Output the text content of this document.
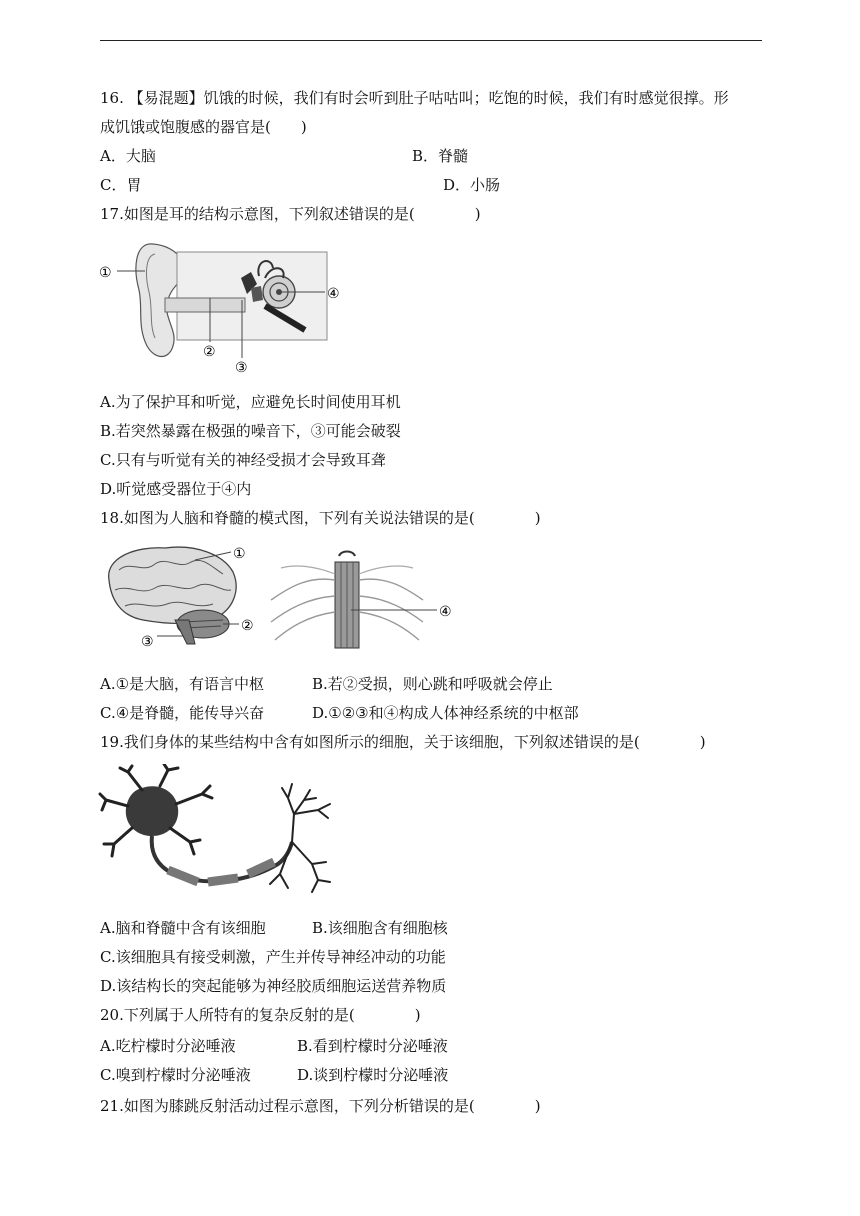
16. 【易混题】饥饿的时候，我们有时会听到肚子咕咕叫；吃饱的时候，我们有时感觉很撑。形
成饥饿或饱腹感的器官是(　　)
A．大脑	B．脊髓
C．胃	D．小肠
17.如图是耳的结构示意图，下列叙述错误的是(　　　　)
①
②
③
④
A.为了保护耳和听觉，应避免长时间使用耳机
B.若突然暴露在极强的噪音下，③可能会破裂
C.只有与听觉有关的神经受损才会导致耳聋
D.听觉感受器位于④内
18.如图为人脑和脊髓的模式图，下列有关说法错误的是(　　　　)
①
②
③
④
A.①是大脑，有语言中枢	B.若②受损，则心跳和呼吸就会停止
C.④是脊髓，能传导兴奋	D.①②③和④构成人体神经系统的中枢部
19.我们身体的某些结构中含有如图所示的细胞，关于该细胞，下列叙述错误的是(　　　　)
A.脑和脊髓中含有该细胞	B.该细胞含有细胞核
C.该细胞具有接受刺激，产生并传导神经冲动的功能
D.该结构长的突起能够为神经胶质细胞运送营养物质
20.下列属于人所特有的复杂反射的是(　　　　)
A.吃柠檬时分泌唾液	B.看到柠檬时分泌唾液
C.嗅到柠檬时分泌唾液	D.谈到柠檬时分泌唾液
21.如图为膝跳反射活动过程示意图，下列分析错误的是(　　　　)
